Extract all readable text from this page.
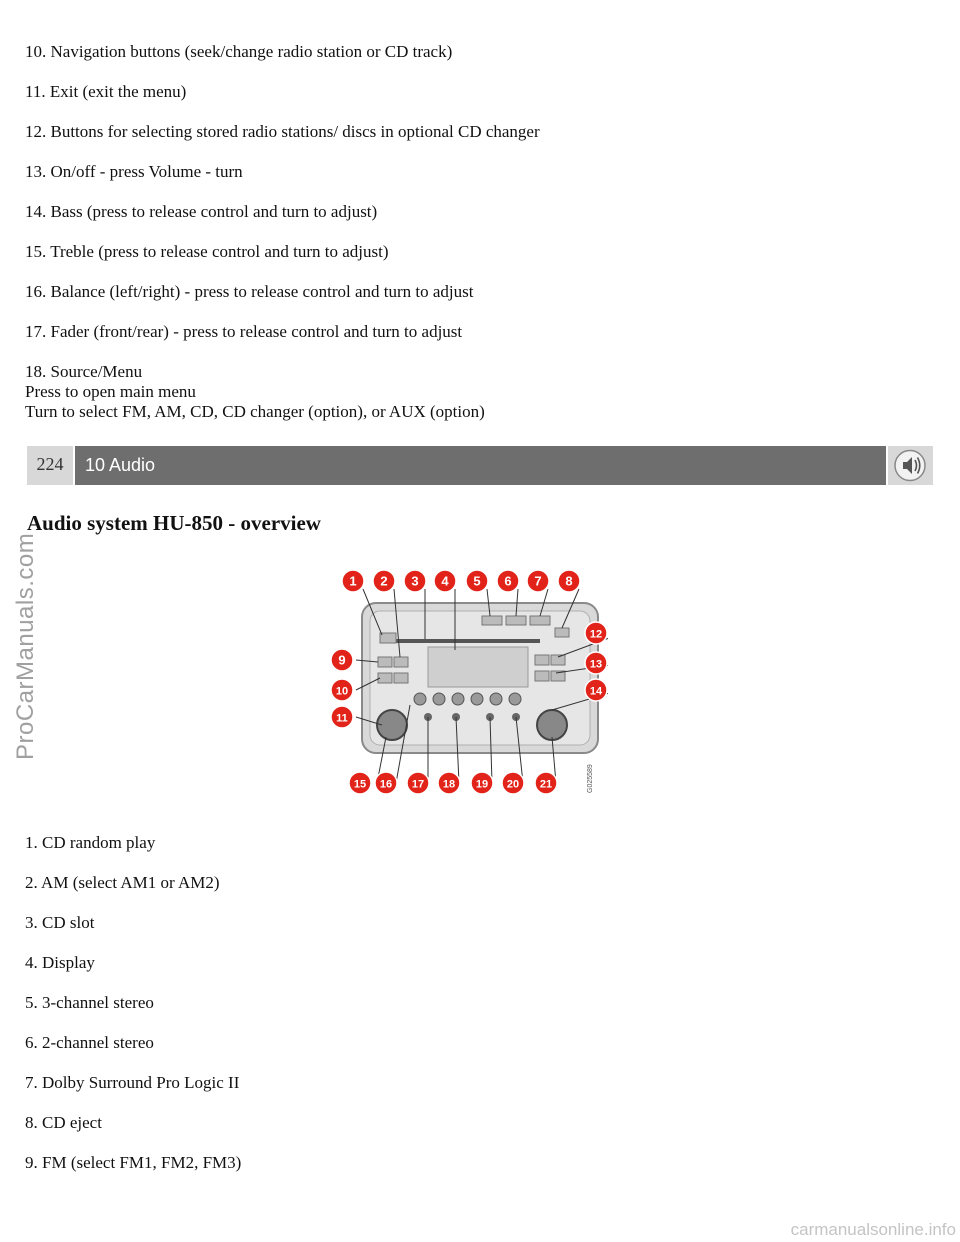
10. Navigation buttons (seek/change radio station or CD track)
11. Exit (exit the menu)
12. Buttons for selecting stored radio stations/ discs in optional CD changer
13. On/off - press Volume - turn
14. Bass (press to release control and turn to adjust)
15. Treble (press to release control and turn to adjust)
16. Balance (left/right) - press to release control and turn to adjust
17. Fader (front/rear) - press to release control and turn to adjust
18. Source/Menu
Press to open main menu
Turn to select FM, AM, CD, CD changer (option), or AUX (option)
224	10 Audio
Audio system HU-850 - overview
ProCarManuals.com	1 2 3 4 5 6 7 8
9
10
11
12
13
14
15 16 17 18 19 20 21	G025589
1. CD random play
2. AM (select AM1 or AM2)
3. CD slot
4. Display
5. 3-channel stereo
6. 2-channel stereo
7. Dolby Surround Pro Logic II
8. CD eject
9. FM (select FM1, FM2, FM3)
carmanualsonline.info
